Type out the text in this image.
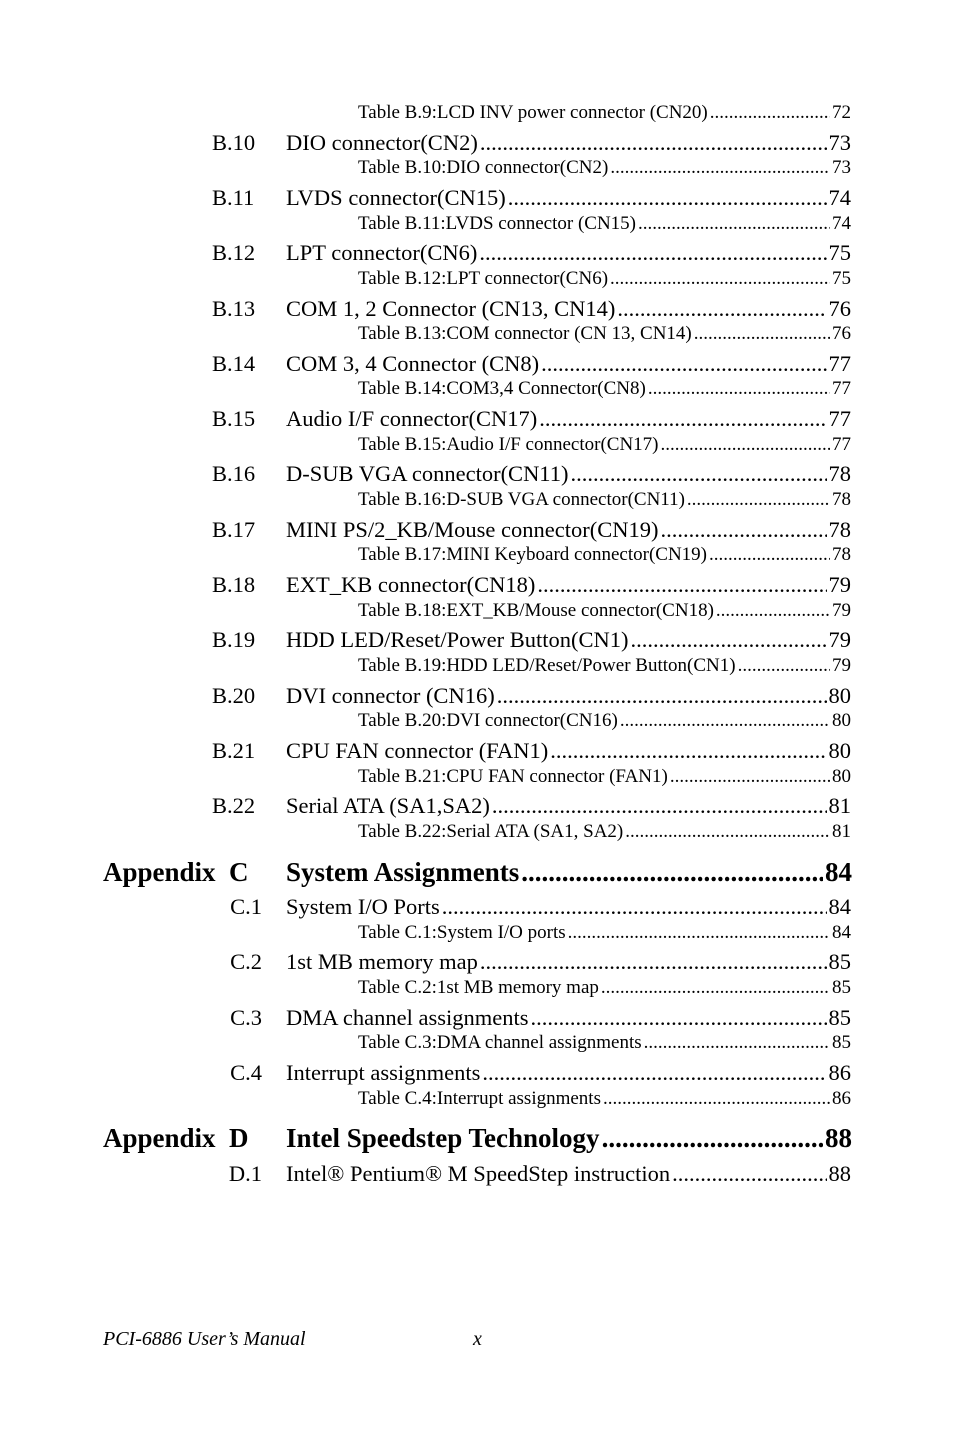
Table B.9:LCD INV power connector (CN20) .....	72
B.10	DIO connector(CN2) .....	73
Table B.10:DIO connector(CN2) .....	73
B.11	LVDS connector(CN15) .....	74
Table B.11:LVDS connector (CN15) .....	74
B.12	LPT connector(CN6) .....	75
Table B.12:LPT connector(CN6) .....	75
B.13	COM 1, 2 Connector (CN13, CN14) .....	76
Table B.13:COM connector (CN 13, CN14) .....	76
B.14	COM 3, 4 Connector (CN8) .....	77
Table B.14:COM3,4 Connector(CN8) .....	77
B.15	Audio I/F connector(CN17) .....	77
Table B.15:Audio I/F connector(CN17) .....	77
B.16	D-SUB VGA connector(CN11) .....	78
Table B.16:D-SUB VGA connector(CN11) .....	78
B.17	MINI PS/2_KB/Mouse connector(CN19) .....	78
Table B.17:MINI Keyboard connector(CN19) .....	78
B.18	EXT_KB connector(CN18) .....	79
Table B.18:EXT_KB/Mouse connector(CN18) .....	79
B.19	HDD LED/Reset/Power Button(CN1) .....	79
Table B.19:HDD LED/Reset/Power Button(CN1) .....	79
B.20	DVI connector (CN16) .....	80
Table B.20:DVI connector(CN16) .....	80
B.21	CPU FAN connector (FAN1) .....	80
Table B.21:CPU FAN connector (FAN1) .....	80
B.22	Serial ATA (SA1,SA2) .....	81
Table B.22:Serial ATA (SA1, SA2) .....	81
Appendix  C	System Assignments .....	84
C.1	System I/O Ports .....	84
Table C.1:System I/O ports .....	84
C.2	1st MB memory map .....	85
Table C.2:1st MB memory map .....	85
C.3	DMA channel assignments .....	85
Table C.3:DMA channel assignments .....	85
C.4	Interrupt assignments .....	86
Table C.4:Interrupt assignments .....	86
Appendix  D	Intel Speedstep Technology .....	88
D.1	Intel® Pentium® M SpeedStep instruction .....	88
PCI-6886 User’s Manual	x
